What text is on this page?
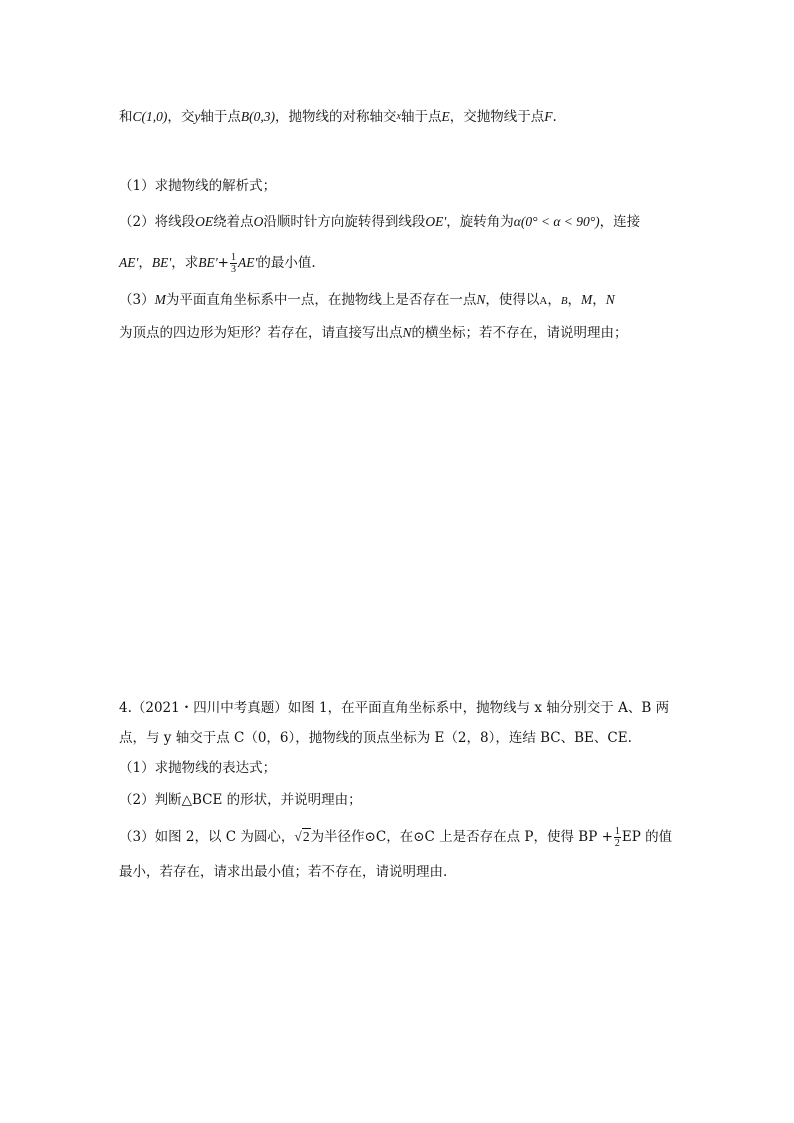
和C(1,0)，交y轴于点B(0,3)，抛物线的对称轴交x轴于点E，交抛物线于点F.
（1）求抛物线的解析式；
（2）将线段OE绕着点O沿顺时针方向旋转得到线段OE'，旋转角为α(0° < α < 90°)，连接
AE'，BE'，求$BE'+ \frac{1}{3} AE'$的最小值.
（3）M为平面直角坐标系中一点，在抛物线上是否存在一点N，使得以A，B，M，N
为顶点的四边形为矩形？若存在，请直接写出点N的横坐标；若不存在，请说明理由；
4.（2021・四川中考真题）如图 1，在平面直角坐标系中，抛物线与 x 轴分别交于 A、B 两
点，与 y 轴交于点 C（0，6），抛物线的顶点坐标为 E（2，8），连结 BC、BE、CE.
（1）求抛物线的表达式；
（2）判断△BCE 的形状，并说明理由；
（3）如图 2，以 C 为圆心，√2为半径作⊙C，在⊙C 上是否存在点 P，使得 BP + $\frac{1}{2}$ EP 的值
最小，若存在，请求出最小值；若不存在，请说明理由.
